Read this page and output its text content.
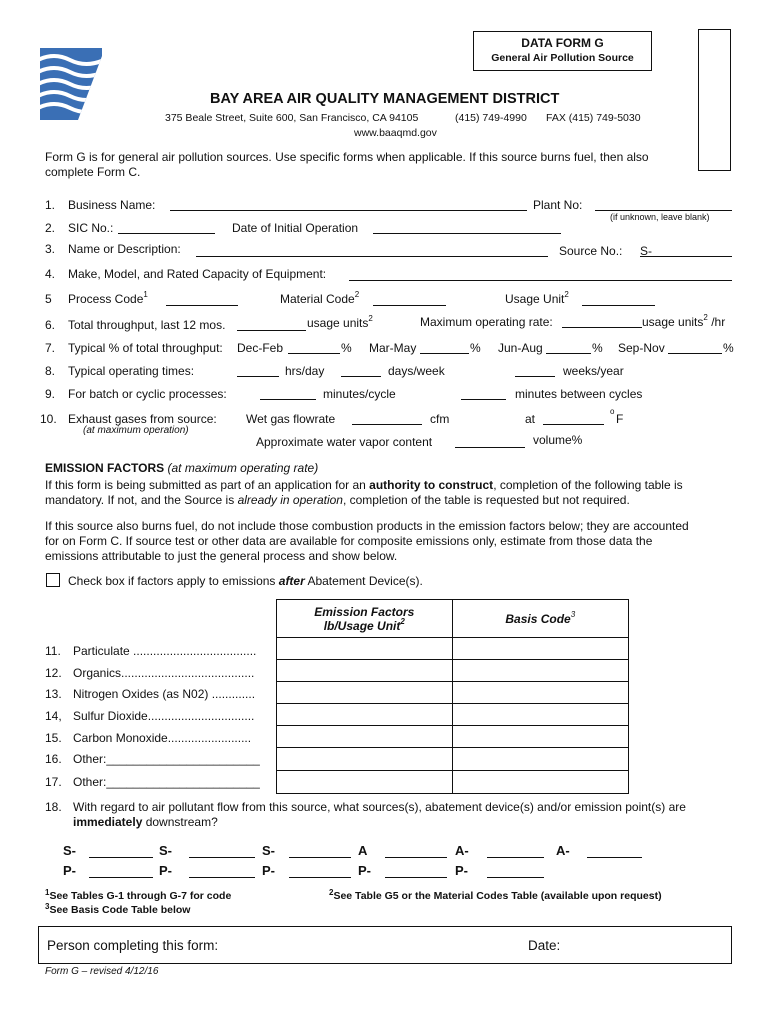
DATA FORM G
General Air Pollution Source
BAY AREA AIR QUALITY MANAGEMENT DISTRICT
375 Beale Street, Suite 600, San Francisco, CA 94105	(415) 749-4990 FAX (415) 749-5030
www.baaqmd.gov
Form G is for general air pollution sources. Use specific forms when applicable. If this source burns fuel, then also
complete Form C.
1. Business Name:	Plant No:
(if unknown, leave blank)
2. SIC No.:	Date of Initial Operation
3. Name or Description:	Source No.: S-
4. Make, Model, and Rated Capacity of Equipment:
5 Process Code$^1$	Material Code$^2$	Usage Unit$^2$
6. Total throughput, last 12 mos.	usage units$^2$	Maximum operating rate:	usage units$^2$ /hr
7. Typical % of total throughput: Dec-Feb	% Mar-May	% Jun-Aug	% Sep-Nov	%
8. Typical operating times:	hrs/day	days/week	weeks/year
9. For batch or cyclic processes:	minutes/cycle	minutes between cycles
10. Exhaust gases from source:
(at maximum operation)
Wet gas flowrate	cfm	at
o
F
Approximate water vapor content	volume%
EMISSION FACTORS (at maximum operating rate)
If this form is being submitted as part of an application for an authority to construct, completion of the following table is
mandatory. If not, and the Source is already in operation, completion of the table is requested but not required.
If this source also burns fuel, do not include those combustion products in the emission factors below; they are accounted
for on Form C. If source test or other data are available for composite emissions only, estimate from those data the
emissions attributable to just the general process and show below.
Check box if factors apply to emissions after Abatement Device(s).
Emission Factors
lb/Usage Unit$^2$	Basis Code$^3$

11. Particulate .....................................
12. Organics........................................
13. Nitrogen Oxides (as N02) .............
14, Sulfur Dioxide................................
15. Carbon Monoxide.........................
16. Other:_______________________
17. Other:_______________________
18. With regard to air pollutant flow from this source, what sources(s), abatement device(s) and/or emission point(s) are
immediately downstream?
S-	S-	S-	A	A-	A-
P-	P-	P-	P-	P-
$^1$See Tables G-1 through G-7 for code
$^3$See Basis Code Table below
$^2$See Table G5 or the Material Codes Table (available upon request)
Person completing this form:	Date:
Form G – revised 4/12/16
